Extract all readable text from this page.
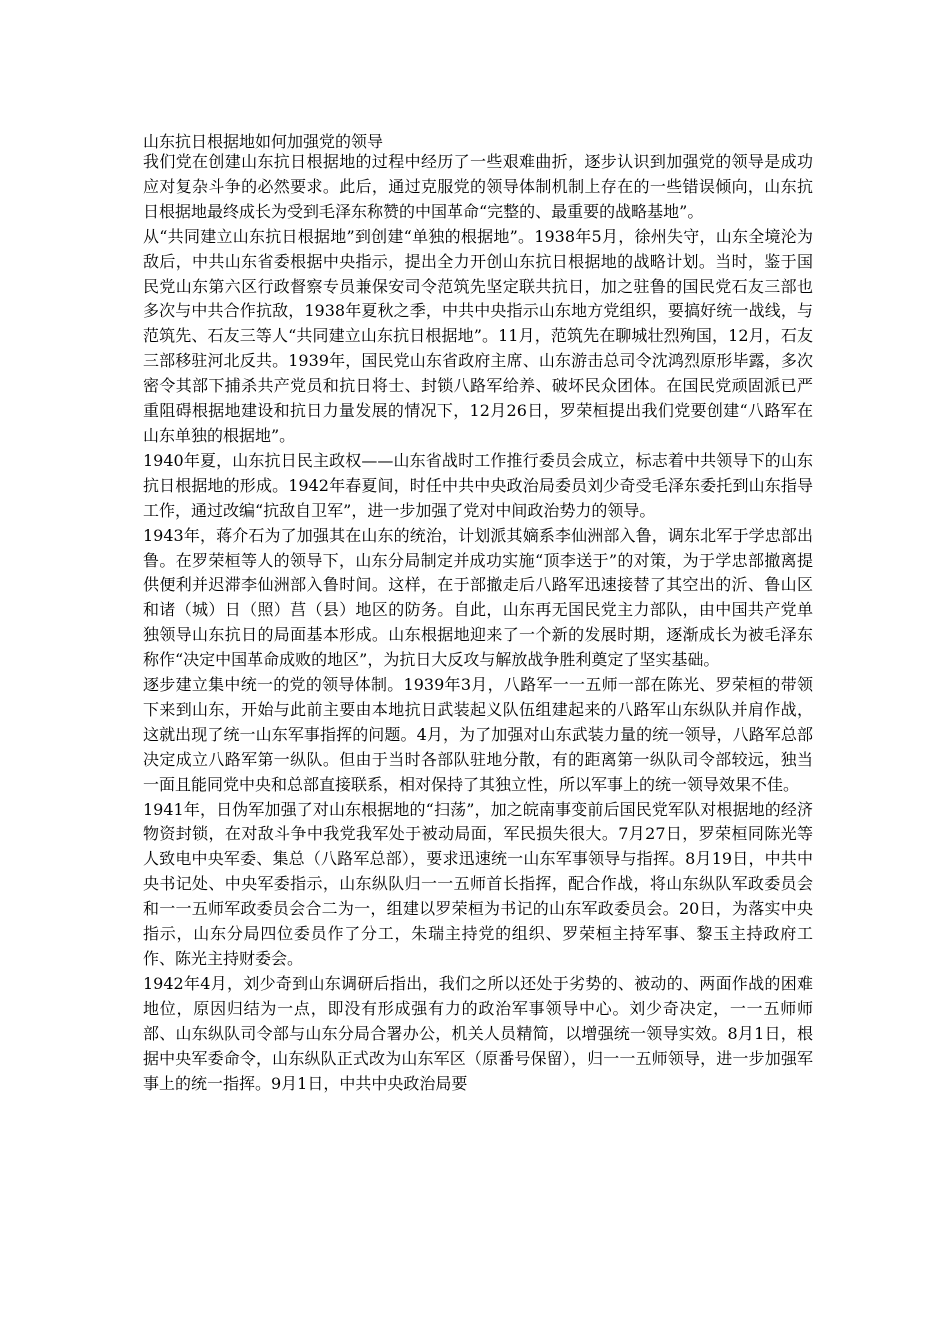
山东抗日根据地如何加强党的领导

我们党在创建山东抗日根据地的过程中经历了一些艰难曲折，逐步认识到加强党的领导是成功应对复杂斗争的必然要求。此后，通过克服党的领导体制机制上存在的一些错误倾向，山东抗日根据地最终成长为受到毛泽东称赞的中国革命“完整的、最重要的战略基地”。

从“共同建立山东抗日根据地”到创建“单独的根据地”。1938年5月，徐州失守，山东全境沦为敌后，中共山东省委根据中央指示，提出全力开创山东抗日根据地的战略计划。当时，鉴于国民党山东第六区行政督察专员兼保安司令范筑先坚定联共抗日，加之驻鲁的国民党石友三部也多次与中共合作抗敌，1938年夏秋之季，中共中央指示山东地方党组织，要搞好统一战线，与范筑先、石友三等人“共同建立山东抗日根据地”。11月，范筑先在聊城壮烈殉国，12月，石友三部移驻河北反共。1939年，国民党山东省政府主席、山东游击总司令沈鸿烈原形毕露，多次密令其部下捕杀共产党员和抗日将士、封锁八路军给养、破坏民众团体。在国民党顽固派已严重阻碍根据地建设和抗日力量发展的情况下，12月26日，罗荣桓提出我们党要创建“八路军在山东单独的根据地”。

1940年夏，山东抗日民主政权——山东省战时工作推行委员会成立，标志着中共领导下的山东抗日根据地的形成。1942年春夏间，时任中共中央政治局委员刘少奇受毛泽东委托到山东指导工作，通过改编“抗敌自卫军”，进一步加强了党对中间政治势力的领导。

1943年，蒋介石为了加强其在山东的统治，计划派其嫡系李仙洲部入鲁，调东北军于学忠部出鲁。在罗荣桓等人的领导下，山东分局制定并成功实施“顶李送于”的对策，为于学忠部撤离提供便利并迟滞李仙洲部入鲁时间。这样，在于部撤走后八路军迅速接替了其空出的沂、鲁山区和诸（城）日（照）莒（县）地区的防务。自此，山东再无国民党主力部队，由中国共产党单独领导山东抗日的局面基本形成。山东根据地迎来了一个新的发展时期，逐渐成长为被毛泽东称作“决定中国革命成败的地区”，为抗日大反攻与解放战争胜利奠定了坚实基础。

逐步建立集中统一的党的领导体制。1939年3月，八路军一一五师一部在陈光、罗荣桓的带领下来到山东，开始与此前主要由本地抗日武装起义队伍组建起来的八路军山东纵队并肩作战，这就出现了统一山东军事指挥的问题。4月，为了加强对山东武装力量的统一领导，八路军总部决定成立八路军第一纵队。但由于当时各部队驻地分散，有的距离第一纵队司令部较远，独当一面且能同党中央和总部直接联系，相对保持了其独立性，所以军事上的统一领导效果不佳。

1941年，日伪军加强了对山东根据地的“扫荡”，加之皖南事变前后国民党军队对根据地的经济物资封锁，在对敌斗争中我党我军处于被动局面，军民损失很大。7月27日，罗荣桓同陈光等人致电中央军委、集总（八路军总部），要求迅速统一山东军事领导与指挥。8月19日，中共中央书记处、中央军委指示，山东纵队归一一五师首长指挥，配合作战，将山东纵队军政委员会和一一五师军政委员会合二为一，组建以罗荣桓为书记的山东军政委员会。20日，为落实中央指示，山东分局四位委员作了分工，朱瑞主持党的组织、罗荣桓主持军事、黎玉主持政府工作、陈光主持财委会。

1942年4月，刘少奇到山东调研后指出，我们之所以还处于劣势的、被动的、两面作战的困难地位，原因归结为一点，即没有形成强有力的政治军事领导中心。刘少奇决定，一一五师师部、山东纵队司令部与山东分局合署办公，机关人员精简，以增强统一领导实效。8月1日，根据中央军委命令，山东纵队正式改为山东军区（原番号保留），归一一五师领导，进一步加强军事上的统一指挥。9月1日，中共中央政治局要
